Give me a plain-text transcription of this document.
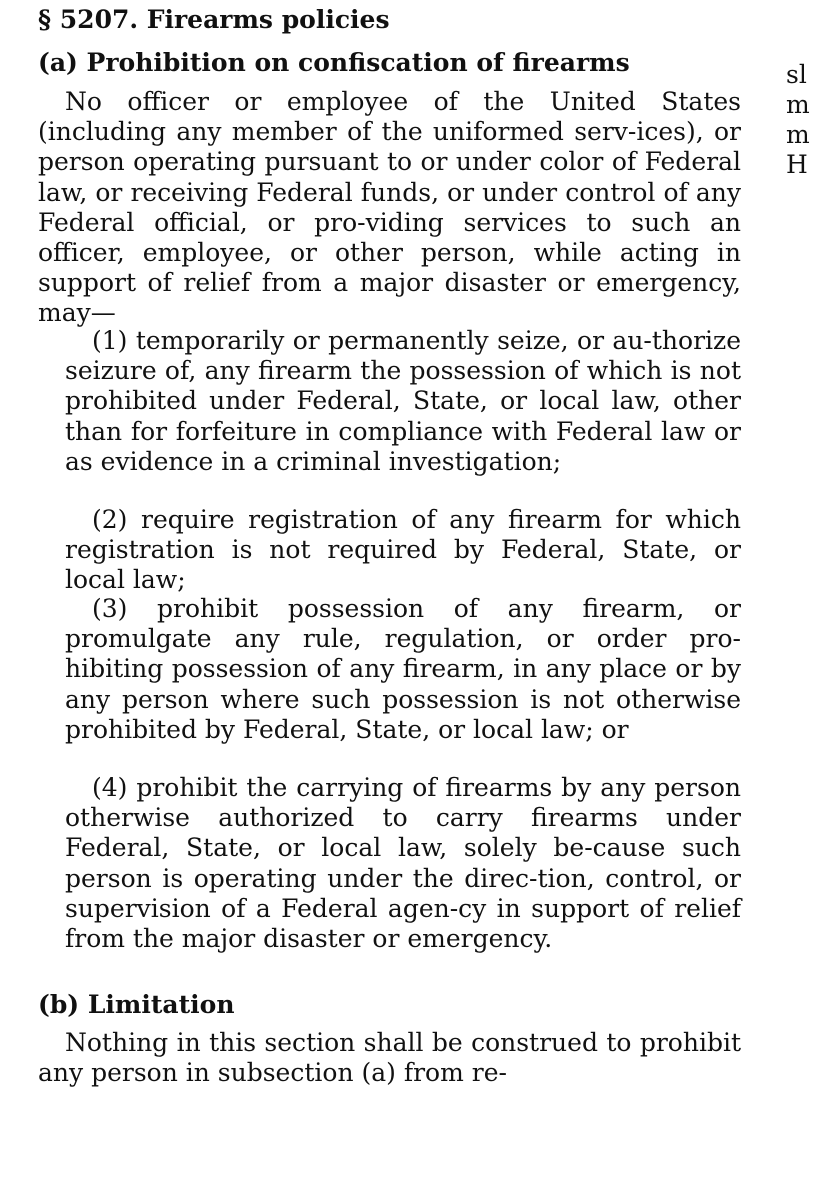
§ 5207. Firearms policies
(a) Prohibition on confiscation of firearms

No officer or employee of the United States (including any member of the uniformed serv-ices), or person operating pursuant to or under color of Federal law, or receiving Federal funds, or under control of any Federal official, or pro-viding services to such an officer, employee, or other person, while acting in support of relief from a major disaster or emergency, may—

(1) temporarily or permanently seize, or au-thorize seizure of, any firearm the possession of which is not prohibited under Federal, State, or local law, other than for forfeiture in compliance with Federal law or as evidence in a criminal investigation;

(2) require registration of any firearm for which registration is not required by Federal, State, or local law;

(3) prohibit possession of any firearm, or promulgate any rule, regulation, or order pro-hibiting possession of any firearm, in any place or by any person where such possession is not otherwise prohibited by Federal, State, or local law; or

(4) prohibit the carrying of firearms by any person otherwise authorized to carry firearms under Federal, State, or local law, solely be-cause such person is operating under the direc-tion, control, or supervision of a Federal agen-cy in support of relief from the major disaster or emergency.

(b) Limitation

Nothing in this section shall be construed to prohibit any person in subsection (a) from re-

sl
m
m
H
